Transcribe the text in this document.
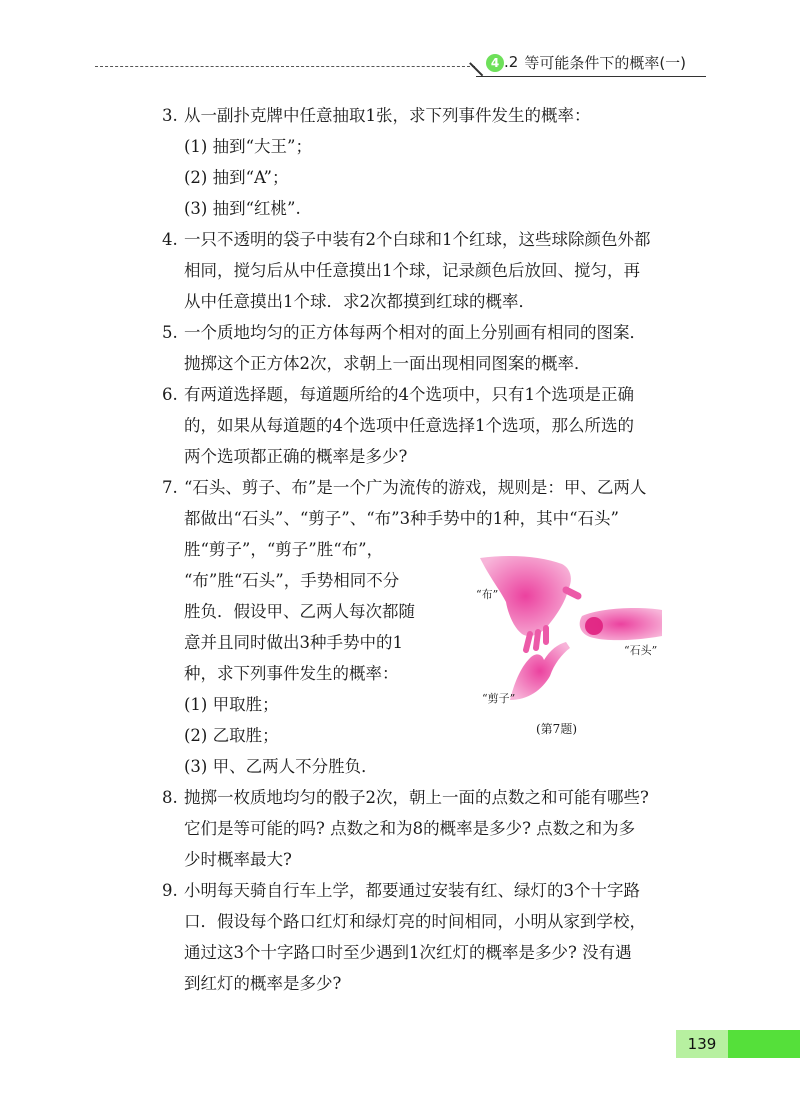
4 .2 等可能条件下的概率(一)
3. 从一副扑克牌中任意抽取1张，求下列事件发生的概率：
(1) 抽到“大王”；
(2) 抽到“A”；
(3) 抽到“红桃”.
4. 一只不透明的袋子中装有2个白球和1个红球，这些球除颜色外都
相同，搅匀后从中任意摸出1个球，记录颜色后放回、搅匀，再
从中任意摸出1个球．求2次都摸到红球的概率．
5. 一个质地均匀的正方体每两个相对的面上分别画有相同的图案．
抛掷这个正方体2次，求朝上一面出现相同图案的概率．
6. 有两道选择题，每道题所给的4个选项中，只有1个选项是正确
的，如果从每道题的4个选项中任意选择1个选项，那么所选的
两个选项都正确的概率是多少?
7. “石头、剪子、布”是一个广为流传的游戏，规则是：甲、乙两人
都做出“石头”、“剪子”、“布”3种手势中的1种，其中“石头”
胜“剪子”，“剪子”胜“布”，
“布”胜“石头”，手势相同不分
胜负．假设甲、乙两人每次都随
意并且同时做出3种手势中的1
种，求下列事件发生的概率：
(1) 甲取胜；
(2) 乙取胜；
(3) 甲、乙两人不分胜负．
8. 抛掷一枚质地均匀的骰子2次，朝上一面的点数之和可能有哪些?
它们是等可能的吗? 点数之和为8的概率是多少? 点数之和为多
少时概率最大?
9. 小明每天骑自行车上学，都要通过安装有红、绿灯的3个十字路
口．假设每个路口红灯和绿灯亮的时间相同，小明从家到学校，
通过这3个十字路口时至少遇到1次红灯的概率是多少? 没有遇
到红灯的概率是多少?
“布”
“石头”
“剪子”
(第7题)
139
